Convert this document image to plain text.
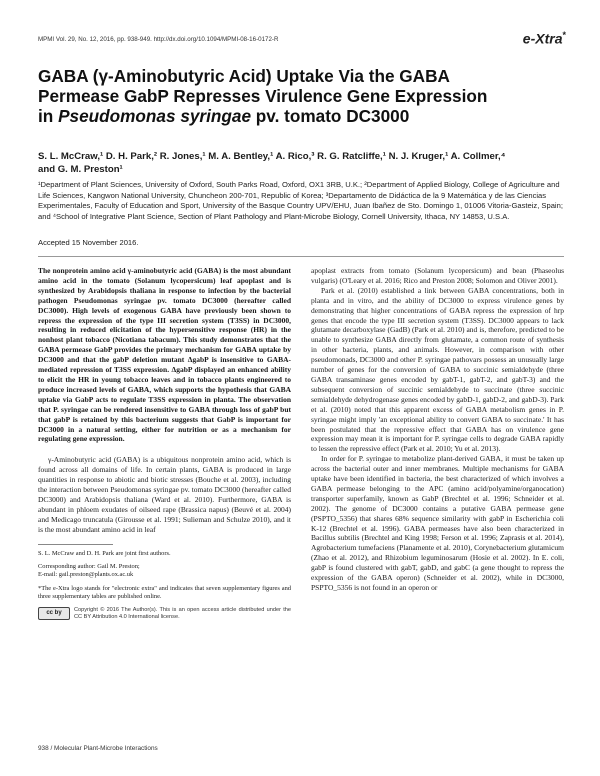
MPMI Vol. 29, No. 12, 2016, pp. 938-949. http://dx.doi.org/10.1094/MPMI-08-16-0172-R	e-Xtra*
GABA (γ-Aminobutyric Acid) Uptake Via the GABA
Permease GabP Represses Virulence Gene Expression
in Pseudomonas syringae pv. tomato DC3000
S. L. McCraw,¹ D. H. Park,² R. Jones,¹ M. A. Bentley,¹ A. Rico,³ R. G. Ratcliffe,¹ N. J. Kruger,¹ A. Collmer,⁴
and G. M. Preston¹
¹Department of Plant Sciences, University of Oxford, South Parks Road, Oxford, OX1 3RB, U.K.; ²Department of Applied Biology, College of Agriculture and Life Sciences, Kangwon National University, Chuncheon 200-701, Republic of Korea; ³Departamento de Didáctica de la 9 Matemática y de las Ciencias Experimentales, Faculty of Education and Sport, University of the Basque Country UPV/EHU, Juan Ibañez de Sto. Domingo 1, 01006 Vitoria-Gasteiz, Spain; and ⁴School of Integrative Plant Science, Section of Plant Pathology and Plant-Microbe Biology, Cornell University, Ithaca, NY 14853, U.S.A.
Accepted 15 November 2016.
The nonprotein amino acid γ-aminobutyric acid (GABA) is the most abundant amino acid in the tomato (Solanum lycopersicum) leaf apoplast and is synthesized by Arabidopsis thaliana in response to infection by the bacterial pathogen Pseudomonas syringae pv. tomato DC3000 (hereafter called DC3000). High levels of exogenous GABA have previously been shown to repress the expression of the type III secretion system (T3SS) in DC3000, resulting in reduced elicitation of the hypersensitive response (HR) in the nonhost plant tobacco (Nicotiana tabacum). This study demonstrates that the GABA permease GabP provides the primary mechanism for GABA uptake by DC3000 and that the gabP deletion mutant ΔgabP is insensitive to GABA-mediated repression of T3SS expression. ΔgabP displayed an enhanced ability to elicit the HR in young tobacco leaves and in tobacco plants engineered to produce increased levels of GABA, which supports the hypothesis that GABA uptake via GabP acts to regulate T3SS expression in planta. The observation that P. syringae can be rendered insensitive to GABA through loss of gabP but that gabP is retained by this bacterium suggests that GabP is important for DC3000 in a natural setting, either for nutrition or as a mechanism for regulating gene expression.

γ-Aminobutyric acid (GABA) is a ubiquitous nonprotein amino acid, which is found across all domains of life. In certain plants, GABA is produced in large quantities in response to abiotic and biotic stresses (Bouche et al. 2003), including the interaction between Pseudomonas syringae pv. tomato DC3000 (hereafter called DC3000) and Arabidopsis thaliana (Ward et al. 2010). Furthermore, GABA is abundant in phloem exudates of oilseed rape (Brassica napus) (Beuvé et al. 2004) and Medicago truncatula (Girousse et al. 1991; Sulieman and Schulze 2010), and it is the most abundant amino acid in leaf

S. L. McCraw and D. H. Park are joint first authors.

Corresponding author: Gail M. Preston;
E-mail: gail.preston@plants.ox.ac.uk

*The e-Xtra logo stands for "electronic extra" and indicates that seven supplementary figures and three supplementary tables are published online.

cc by
Copyright © 2016 The Author(s). This is an open access article distributed under the CC BY Attribution 4.0 International license.

apoplast extracts from tomato (Solanum lycopersicum) and bean (Phaseolus vulgaris) (O'Leary et al. 2016; Rico and Preston 2008; Solomon and Oliver 2001).

Park et al. (2010) established a link between GABA concentrations, both in planta and in vitro, and the ability of DC3000 to express virulence genes by demonstrating that higher concentrations of GABA repress the expression of hrp genes that encode the type III secretion system (T3SS). DC3000 appears to lack glutamate decarboxylase (GadB) (Park et al. 2010) and is, therefore, predicted to be unable to synthesize GABA directly from glutamate, a common route of synthesis in other bacteria, plants, and animals. However, in comparison with other pseudomonads, DC3000 and other P. syringae pathovars possess an unusually large number of genes for the conversion of GABA to succinic semialdehyde (three GABA transaminase genes encoded by gabT-1, gabT-2, and gabT-3) and the subsequent conversion of succinic semialdehyde to succinate (three succinic semialdehyde dehydrogenase genes encoded by gabD-1, gabD-2, and gabD-3). Park et al. (2010) noted that this apparent excess of GABA metabolism genes in P. syringae might imply 'an exceptional ability to convert GABA to succinate.' It has been postulated that the repressive effect that GABA has on virulence gene expression may mean it is important for P. syringae cells to degrade GABA rapidly to lessen the repressive effect (Park et al. 2010; Yu et al. 2013).

In order for P. syringae to metabolize plant-derived GABA, it must be taken up across the bacterial outer and inner membranes. Multiple mechanisms for GABA uptake have been identified in bacteria, the best characterized of which involves a GABA permease belonging to the APC (amino acid/polyamine/organocation) transporter superfamily, known as GabP (Brechtel et al. 1996; Schneider et al. 2002). The genome of DC3000 contains a putative GABA permease gene (PSPTO_5356) that shares 68% sequence similarity with gabP in Escherichia coli K-12 (Brechtel et al. 1996). GABA permeases have also been characterized in Bacillus subtilis (Brechtel and King 1998; Ferson et al. 1996; Zaprasis et al. 2014), Agrobacterium tumefaciens (Planamente et al. 2010), Corynebacterium glutamicum (Zhao et al. 2012), and Rhizobium leguminosarum (Hosie et al. 2002). In E. coli, gabP is found clustered with gabT, gabD, and gabC (a gene thought to repress the expression of the GABA operon) (Schneider et al. 2002), while in DC3000, PSPTO_5356 is not found in an operon or

938 / Molecular Plant-Microbe Interactions
